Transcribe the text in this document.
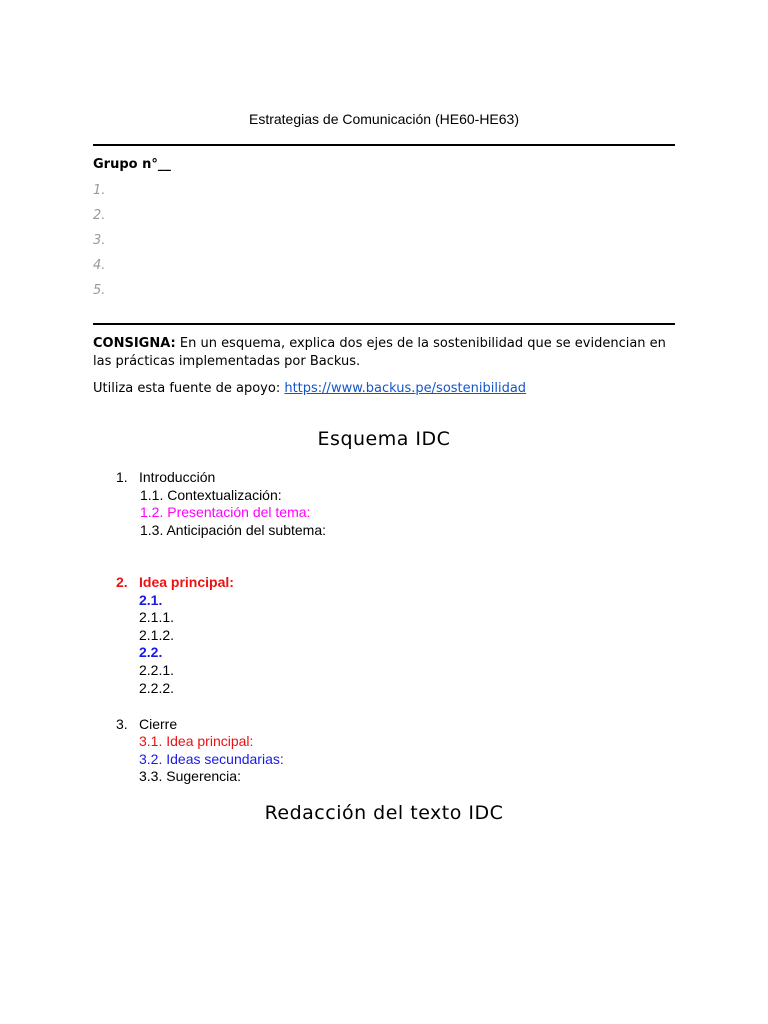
Estrategias de Comunicación (HE60-HE63)
Grupo n°__
1.
2.
3.
4.
5.
CONSIGNA: En un esquema, explica dos ejes de la sostenibilidad que se evidencian en las prácticas implementadas por Backus.
Utiliza esta fuente de apoyo: https://www.backus.pe/sostenibilidad
Esquema IDC
1. Introducción
1.1. Contextualización:
1.2. Presentación del tema:
1.3. Anticipación del subtema:
2. Idea principal:
2.1.
2.1.1.
2.1.2.
2.2.
2.2.1.
2.2.2.
3. Cierre
3.1. Idea principal:
3.2. Ideas secundarias:
3.3. Sugerencia:
Redacción del texto IDC
